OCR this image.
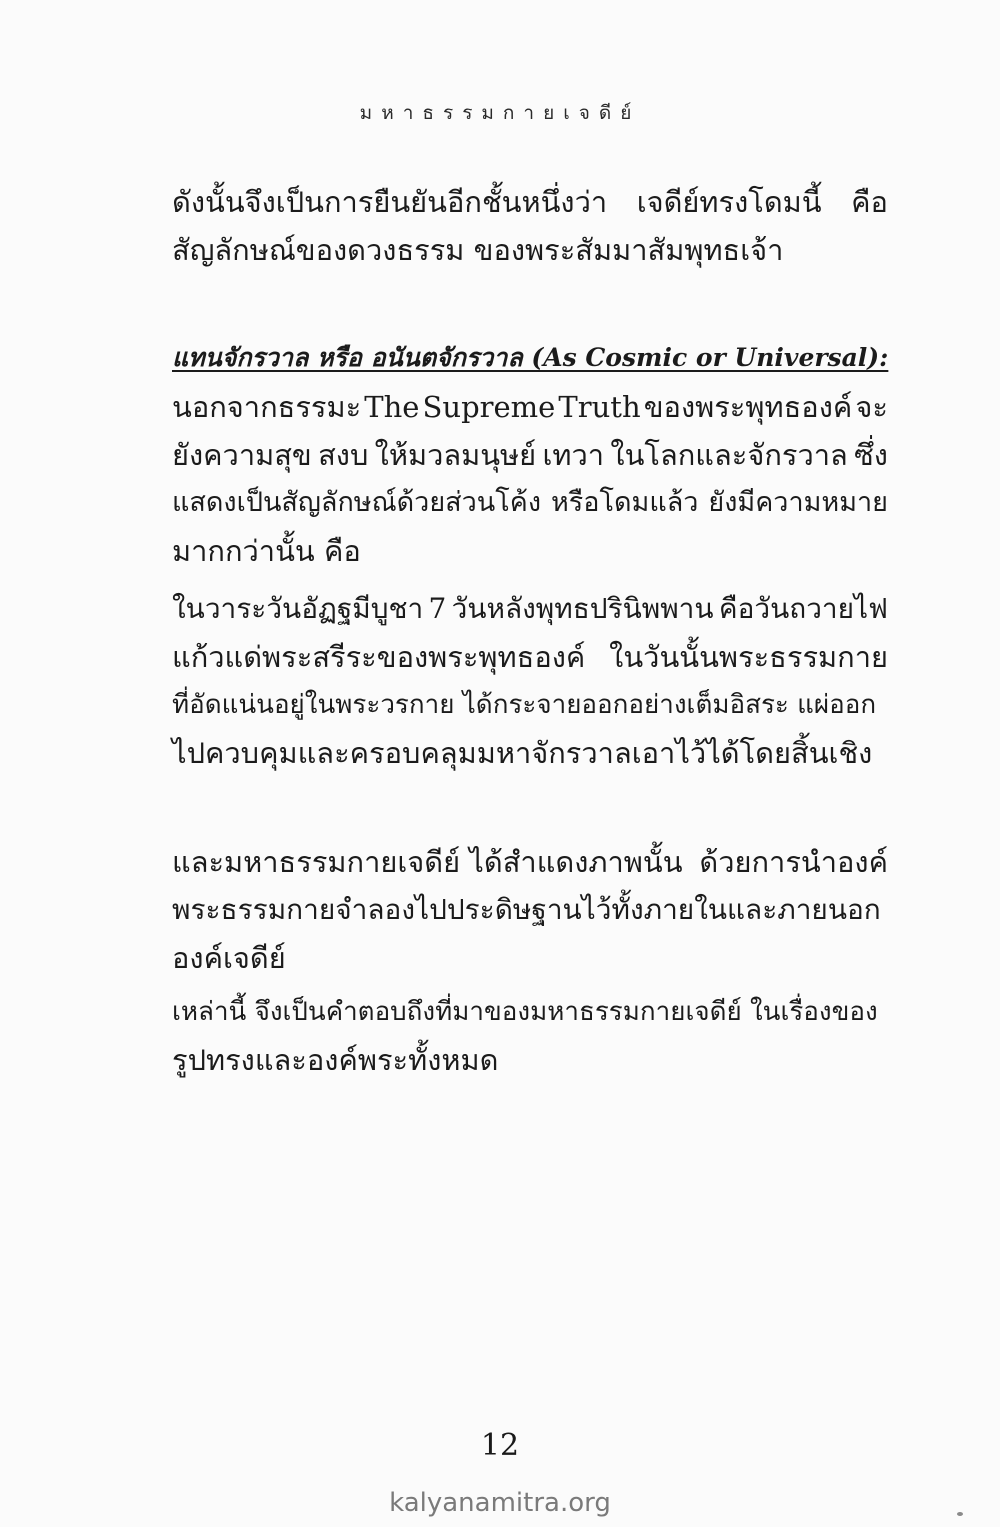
มหาธรรมกายเจดีย์
ดังนั้นจึงเป็นการยืนยันอีกชั้นหนึ่งว่า เจดีย์ทรงโดมนี้ คือ
สัญลักษณ์ของดวงธรรม ของพระสัมมาสัมพุทธเจ้า
แทนจักรวาล หรือ อนันตจักรวาล (As Cosmic or Universal):
นอกจากธรรมะ The Supreme Truth ของพระพุทธองค์ จะ
ยังความสุข สงบ ให้มวลมนุษย์ เทวา ในโลกและจักรวาล ซึ่ง
แสดงเป็นสัญลักษณ์ด้วยส่วนโค้ง หรือโดมแล้ว ยังมีความหมาย
มากกว่านั้น คือ
ในวาระวันอัฏฐมีบูชา 7 วันหลังพุทธปรินิพพาน คือวันถวายไฟ
แก้วแด่พระสรีระของพระพุทธองค์ ในวันนั้นพระธรรมกาย
ที่อัดแน่นอยู่ในพระวรกาย ได้กระจายออกอย่างเต็มอิสระ แผ่ออก
ไปควบคุมและครอบคลุมมหาจักรวาลเอาไว้ได้โดยสิ้นเชิง
และมหาธรรมกายเจดีย์ ได้สำแดงภาพนั้น ด้วยการนำองค์
พระธรรมกายจำลองไปประดิษฐานไว้ทั้งภายในและภายนอก
องค์เจดีย์
เหล่านี้ จึงเป็นคำตอบถึงที่มาของมหาธรรมกายเจดีย์ ในเรื่องของ
รูปทรงและองค์พระทั้งหมด
12
kalyanamitra.org
